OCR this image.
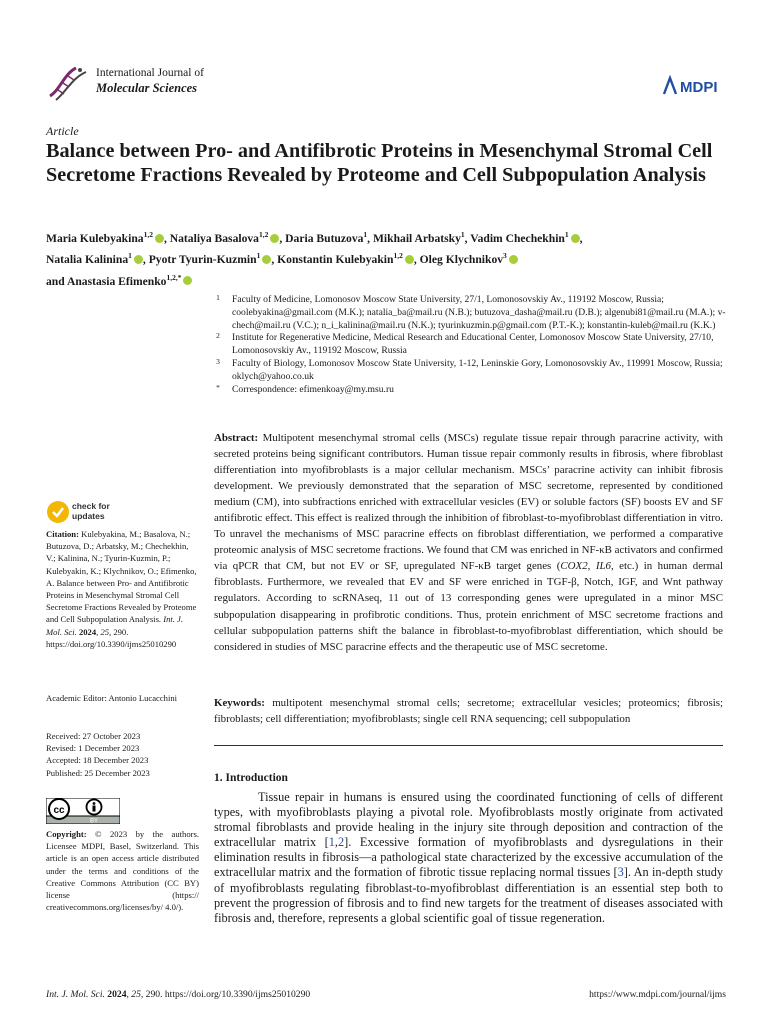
International Journal of
Molecular Sciences	MDPI
Article
Balance between Pro- and Antifibrotic Proteins in Mesenchymal Stromal Cell Secretome Fractions Revealed by Proteome and Cell Subpopulation Analysis
Maria Kulebyakina$^{1,2}$ , Nataliya Basalova$^{1,2}$ , Daria Butuzova$^1$, Mikhail Arbatsky$^1$, Vadim Chechekhin$^1$ ,
Natalia Kalinina$^1$ , Pyotr Tyurin-Kuzmin$^1$ , Konstantin Kulebyakin$^{1,2}$ , Oleg Klychnikov$^3$
and Anastasia Efimenko$^{1,2,*}$
1 Faculty of Medicine, Lomonosov Moscow State University, 27/1, Lomonosovskiy Av., 119192 Moscow, Russia; coolebyakina@gmail.com (M.K.); natalia_ba@mail.ru (N.B.); butuzova_dasha@mail.ru (D.B.); algenubi81@mail.ru (M.A.); v-chech@mail.ru (V.C.); n_i_kalinina@mail.ru (N.K.); tyurinkuzmin.p@gmail.com (P.T.-K.); konstantin-kuleb@mail.ru (K.K.)
2 Institute for Regenerative Medicine, Medical Research and Educational Center, Lomonosov Moscow State University, 27/10, Lomonosovskiy Av., 119192 Moscow, Russia
3 Faculty of Biology, Lomonosov Moscow State University, 1-12, Leninskie Gory, Lomonosovskiy Av., 119991 Moscow, Russia; oklych@yahoo.co.uk
* Correspondence: efimenkoay@my.msu.ru
Abstract: Multipotent mesenchymal stromal cells (MSCs) regulate tissue repair through paracrine activity, with secreted proteins being significant contributors. Human tissue repair commonly results in fibrosis, where fibroblast differentiation into myofibroblasts is a major cellular mechanism. MSCs’ paracrine activity can inhibit fibrosis development. We previously demonstrated that the separation of MSC secretome, represented by conditioned medium (CM), into subfractions enriched with extracellular vesicles (EV) or soluble factors (SF) boosts EV and SF antifibrotic effect. This effect is realized through the inhibition of fibroblast-to-myofibroblast differentiation in vitro. To unravel the mechanisms of MSC paracrine effects on fibroblast differentiation, we performed a comparative proteomic analysis of MSC secretome fractions. We found that CM was enriched in NF-κB activators and confirmed via qPCR that CM, but not EV or SF, upregulated NF-κB target genes (COX2, IL6, etc.) in human dermal fibroblasts. Furthermore, we revealed that EV and SF were enriched in TGF-β, Notch, IGF, and Wnt pathway regulators. According to scRNAseq, 11 out of 13 corresponding genes were upregulated in a minor MSC subpopulation disappearing in profibrotic conditions. Thus, protein enrichment of MSC secretome fractions and cellular subpopulation patterns shift the balance in fibroblast-to-myofibroblast differentiation, which should be considered in studies of MSC paracrine effects and the therapeutic use of MSC secretome.
Keywords: multipotent mesenchymal stromal cells; secretome; extracellular vesicles; proteomics; fibrosis; fibroblasts; cell differentiation; myofibroblasts; single cell RNA sequencing; cell subpopulation
1. Introduction
Tissue repair in humans is ensured using the coordinated functioning of cells of different types, with myofibroblasts playing a pivotal role. Myofibroblasts mostly originate from activated stromal fibroblasts and provide healing in the injury site through deposition and contraction of the extracellular matrix [1,2]. Excessive formation of myofibroblasts and dysregulations in their elimination results in fibrosis—a pathological state characterized by the excessive accumulation of the extracellular matrix and the formation of fibrotic tissue replacing normal tissues [3]. An in-depth study of myofibroblasts regulating fibroblast-to-myofibroblast differentiation is an essential step both to prevent the progression of fibrosis and to find new targets for the treatment of diseases associated with fibrosis and, therefore, represents a global scientific goal of tissue regeneration.
check for
updates
Citation: Kulebyakina, M.; Basalova, N.; Butuzova, D.; Arbatsky, M.; Chechekhin, V.; Kalinina, N.; Tyurin-Kuzmin, P.; Kulebyakin, K.; Klychnikov, O.; Efimenko, A. Balance between Pro- and Antifibrotic Proteins in Mesenchymal Stromal Cell Secretome Fractions Revealed by Proteome and Cell Subpopulation Analysis. Int. J. Mol. Sci. 2024, 25, 290. https://doi.org/10.3390/ijms25010290
Academic Editor: Antonio Lucacchini
Received: 27 October 2023
Revised: 1 December 2023
Accepted: 18 December 2023
Published: 25 December 2023
cc
BY
Copyright: © 2023 by the authors. Licensee MDPI, Basel, Switzerland. This article is an open access article distributed under the terms and conditions of the Creative Commons Attribution (CC BY) license (https:// creativecommons.org/licenses/by/ 4.0/).
Int. J. Mol. Sci. 2024, 25, 290. https://doi.org/10.3390/ijms25010290	https://www.mdpi.com/journal/ijms
